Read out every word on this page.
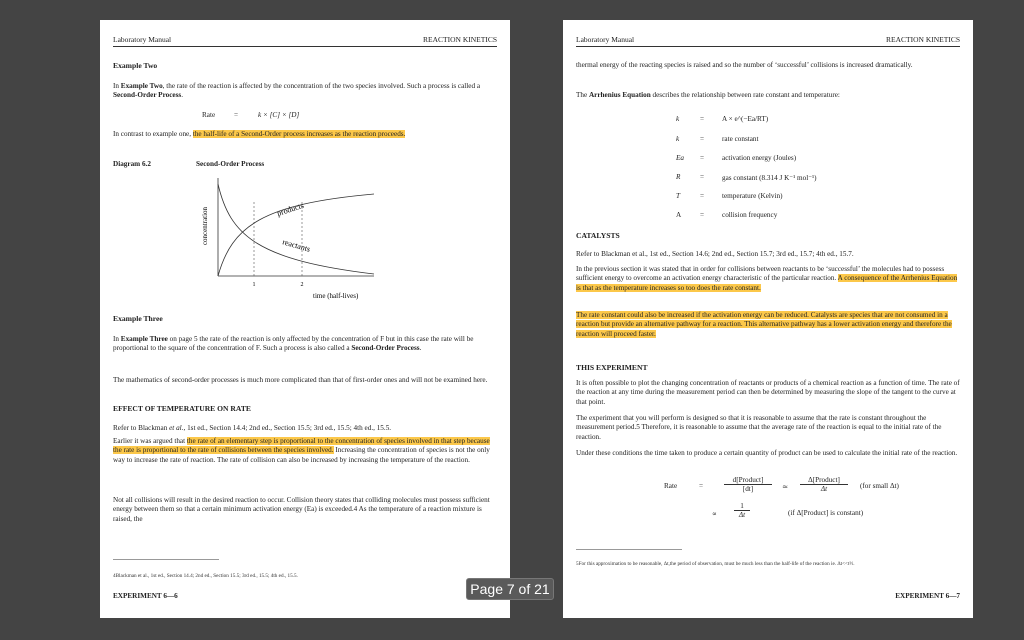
Laboratory Manual	REACTION KINETICS
Example Two
In Example Two, the rate of the reaction is affected by the concentration of the two species involved. Such a process is called a Second-Order Process.
Rate	=	k × [C] × [D]
In contrast to example one, the half-life of a Second-Order process increases as the reaction proceeds.
Diagram 6.2	Second-Order Process
concentration
1	2
time (half-lives)
products
reactants
Example Three
In Example Three on page 5 the rate of the reaction is only affected by the concentration of F but in this case the rate will be proportional to the square of the concentration of F. Such a process is also called a Second-Order Process.
The mathematics of second-order processes is much more complicated than that of first-order ones and will not be examined here.
EFFECT OF TEMPERATURE ON RATE
Refer to Blackman et al., 1st ed., Section 14.4; 2nd ed., Section 15.5; 3rd ed., 15.5; 4th ed., 15.5.
Earlier it was argued that the rate of an elementary step is proportional to the concentration of species involved in that step because the rate is proportional to the rate of collisions between the species involved. Increasing the concentration of species is not the only way to increase the rate of reaction. The rate of collision can also be increased by increasing the temperature of the reaction.
Not all collisions will result in the desired reaction to occur. Collision theory states that colliding molecules must possess sufficient energy between them so that a certain minimum activation energy (Ea) is exceeded.4 As the temperature of a reaction mixture is raised, the
4Blackman et al., 1st ed., Section 14.4; 2nd ed., Section 15.5; 3rd ed., 15.5; 4th ed., 15.5.
EXPERIMENT 6—6
Laboratory Manual	REACTION KINETICS
thermal energy of the reacting species is raised and so the number of ‘successful’ collisions is increased dramatically.
The Arrhenius Equation describes the relationship between rate constant and temperature:
k	= A × e^(−Ea/RT)
k	= rate constant
Ea = activation energy (Joules)
R	= gas constant (8.314 J K⁻¹ mol⁻¹)
T	= temperature (Kelvin)
A	= collision frequency
CATALYSTS
Refer to Blackman et al., 1st ed., Section 14.6; 2nd ed., Section 15.7; 3rd ed., 15.7; 4th ed., 15.7.
In the previous section it was stated that in order for collisions between reactants to be ‘successful’ the molecules had to possess sufficient energy to overcome an activation energy characteristic of the particular reaction. A consequence of the Arrhenius Equation is that as the temperature increases so too does the rate constant.
The rate constant could also be increased if the activation energy can be reduced. Catalysts are species that are not consumed in a reaction but provide an alternative pathway for a reaction. This alternative pathway has a lower activation energy and therefore the reaction will proceed faster.
THIS EXPERIMENT
It is often possible to plot the changing concentration of reactants or products of a chemical reaction as a function of time. The rate of the reaction at any time during the measurement period can then be determined by measuring the slope of the tangent to the curve at that point.
The experiment that you will perform is designed so that it is reasonable to assume that the rate is constant throughout the measurement period.5 Therefore, it is reasonable to assume that the average rate of the reaction is equal to the initial rate of the reaction.
Under these conditions the time taken to produce a certain quantity of product can be used to calculate the initial rate of the reaction.
Rate	=
d[Product]
[dt]	≃
Δ[Product]
Δt	(for small Δt)
∝ $\frac{1}{\Delta t}$	(if Δ[Product] is constant)
5For this approximation to be reasonable, Δt,the period of observation, must be much less than the half-life of the reaction ie. Δt<<t½.
EXPERIMENT 6—7
Page 7 of 21
